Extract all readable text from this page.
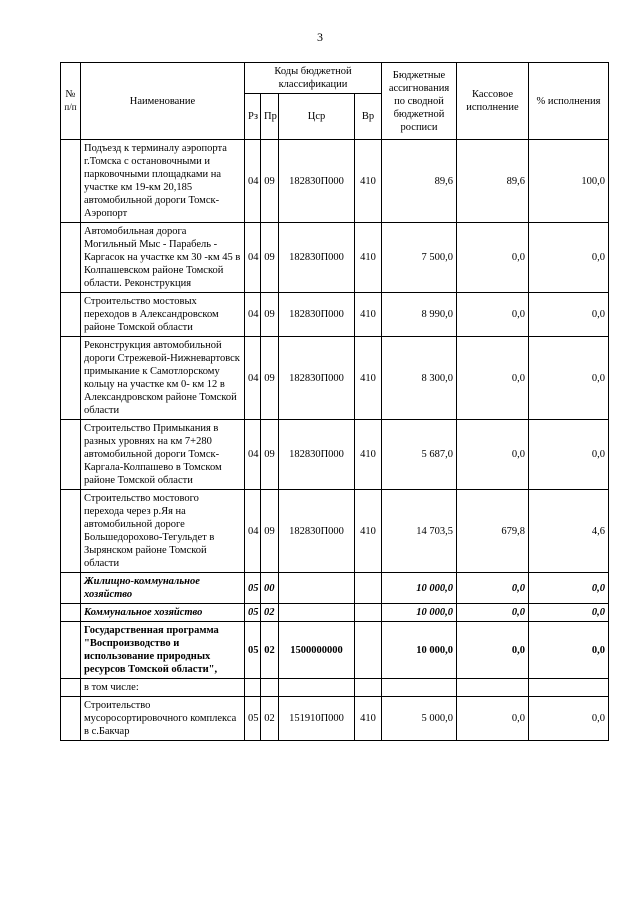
3
№
п/п	Наименование	Коды бюджетной классификации				Бюджетные ассигнования по сводной бюджетной росписи	Кассовое исполнение	% исполнения
		Рз	Пр	Цср	Вр			
	Подъезд к терминалу аэропорта г.Томска с остановочными и парковочными площадками на участке км 19-км 20,185 автомобильной дороги Томск-Аэропорт	04	09	182830П000	410	89,6	89,6	100,0
	Автомобильная дорога Могильный Мыс - Парабель - Каргасок на участке км 30 -км 45 в Колпашевском районе Томской области. Реконструкция	04	09	182830П000	410	7 500,0	0,0	0,0
	Строительство мостовых переходов в Александровском районе Томской области	04	09	182830П000	410	8 990,0	0,0	0,0
	Реконструкция автомобильной дороги Стрежевой-Нижневартовск примыкание к Самотлорскому кольцу на участке км 0- км 12 в Александровском районе Томской области	04	09	182830П000	410	8 300,0	0,0	0,0
	Строительство Примыкания в разных уровнях на км 7+280 автомобильной дороги Томск-Каргала-Колпашево в Томском районе Томской области	04	09	182830П000	410	5 687,0	0,0	0,0
	Строительство мостового перехода через р.Яя на автомобильной дороге Большедорохово-Тегульдет в Зырянском районе Томской области	04	09	182830П000	410	14 703,5	679,8	4,6
	Жилищно-коммунальное хозяйство	05	00			10 000,0	0,0	0,0
	Коммунальное хозяйство	05	02			10 000,0	0,0	0,0
	Государственная программа "Воспроизводство и использование природных ресурсов Томской области",	05	02	1500000000		10 000,0	0,0	0,0
	в том числе:							
	Строительство мусоросортировочного комплекса в с.Бакчар	05	02	151910П000	410	5 000,0	0,0	0,0
